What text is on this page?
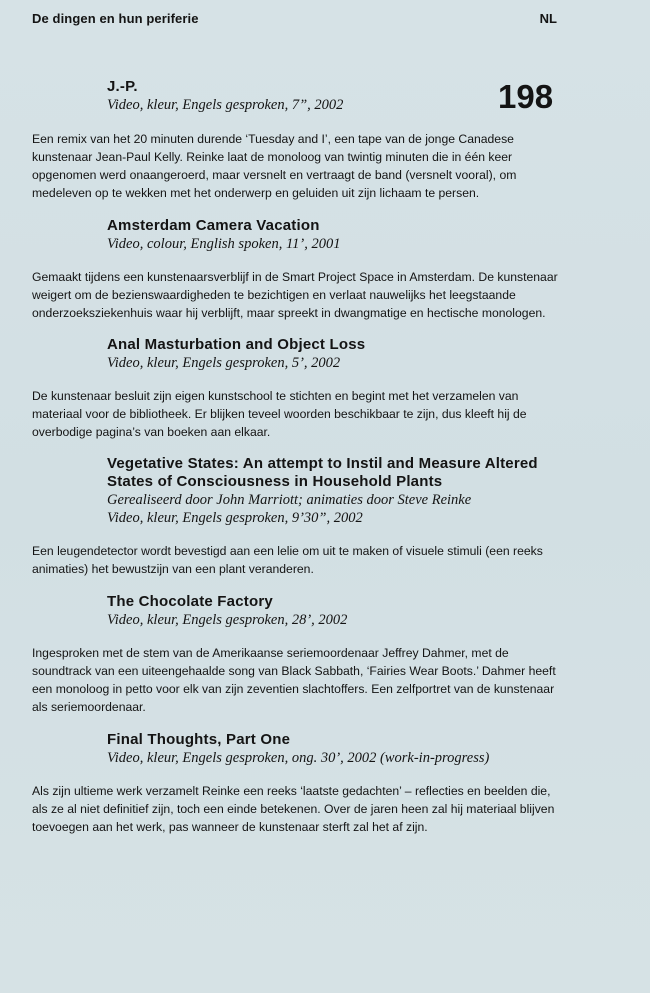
De dingen en hun periferie	NL
198
J.-P.
Video, kleur, Engels gesproken, 7”, 2002
Een remix van het 20 minuten durende ‘Tuesday and I’, een tape van de jonge Canadese kunstenaar Jean-Paul Kelly. Reinke laat de monoloog van twintig minuten die in één keer opgenomen werd onaangeroerd, maar versnelt en vertraagt de band (versnelt vooral), om medeleven op te wekken met het onderwerp en geluiden uit zijn lichaam te persen.
Amsterdam Camera Vacation
Video, colour, English spoken, 11’, 2001
Gemaakt tijdens een kunstenaarsverblijf in de Smart Project Space in Amsterdam. De kunstenaar weigert om de bezienswaardigheden te bezichtigen en verlaat nauwelijks het leegstaande onderzoeksziekenhuis waar hij verblijft, maar spreekt in dwangmatige en hectische monologen.
Anal Masturbation and Object Loss
Video, kleur, Engels gesproken, 5’, 2002
De kunstenaar besluit zijn eigen kunstschool te stichten en begint met het verzamelen van materiaal voor de bibliotheek. Er blijken teveel woorden beschikbaar te zijn, dus kleeft hij de overbodige pagina’s van boeken aan elkaar.
Vegetative States: An attempt to Instil and Measure Altered States of Consciousness in Household Plants
Gerealiseerd door John Marriott; animaties door Steve Reinke
Video, kleur, Engels gesproken, 9’30”, 2002
Een leugendetector wordt bevestigd aan een lelie om uit te maken of visuele stimuli (een reeks animaties) het bewustzijn van een plant veranderen.
The Chocolate Factory
Video, kleur, Engels gesproken, 28’, 2002
Ingesproken met de stem van de Amerikaanse seriemoordenaar Jeffrey Dahmer, met de soundtrack van een uiteengehaalde song van Black Sabbath, ‘Fairies Wear Boots.’ Dahmer heeft een monoloog in petto voor elk van zijn zeventien slachtoffers. Een zelfportret van de kunstenaar als seriemoordenaar.
Final Thoughts, Part One
Video, kleur, Engels gesproken, ong. 30’, 2002 (work-in-progress)
Als zijn ultieme werk verzamelt Reinke een reeks ‘laatste gedachten’ – reflecties en beelden die, als ze al niet definitief zijn, toch een einde betekenen. Over de jaren heen zal hij materiaal blijven toevoegen aan het werk, pas wanneer de kunstenaar sterft zal het af zijn.
